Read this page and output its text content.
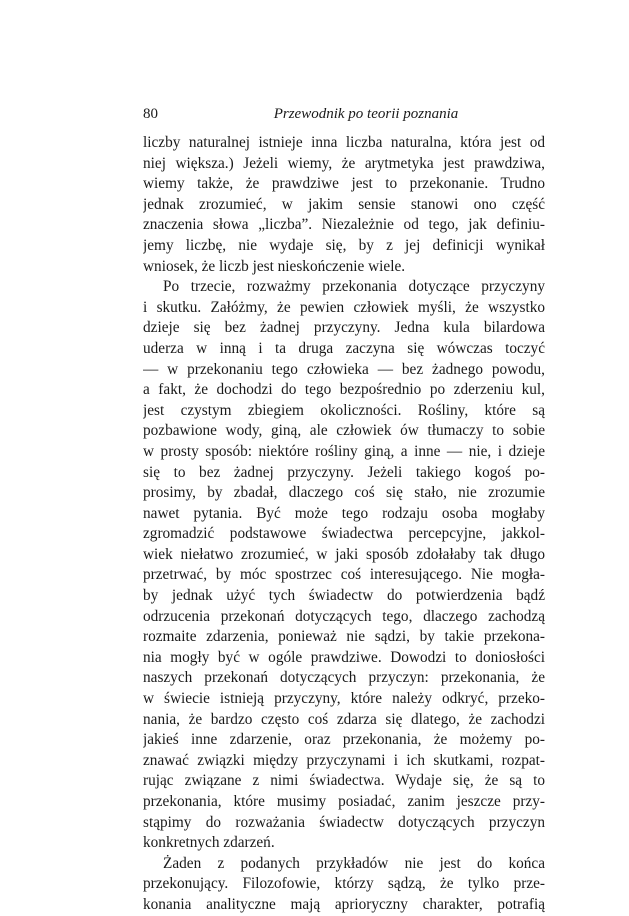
80	Przewodnik po teorii poznania
liczby naturalnej istnieje inna liczba naturalna, która jest od
niej większa.) Jeżeli wiemy, że arytmetyka jest prawdziwa,
wiemy także, że prawdziwe jest to przekonanie. Trudno
jednak zrozumieć, w jakim sensie stanowi ono część
znaczenia słowa „liczba”. Niezależnie od tego, jak definiu-
jemy liczbę, nie wydaje się, by z jej definicji wynikał
wniosek, że liczb jest nieskończenie wiele.
Po trzecie, rozważmy przekonania dotyczące przyczyny
i skutku. Załóżmy, że pewien człowiek myśli, że wszystko
dzieje się bez żadnej przyczyny. Jedna kula bilardowa
uderza w inną i ta druga zaczyna się wówczas toczyć
— w przekonaniu tego człowieka — bez żadnego powodu,
a fakt, że dochodzi do tego bezpośrednio po zderzeniu kul,
jest czystym zbiegiem okoliczności. Rośliny, które są
pozbawione wody, giną, ale człowiek ów tłumaczy to sobie
w prosty sposób: niektóre rośliny giną, a inne — nie, i dzieje
się to bez żadnej przyczyny. Jeżeli takiego kogoś po-
prosimy, by zbadał, dlaczego coś się stało, nie zrozumie
nawet pytania. Być może tego rodzaju osoba mogłaby
zgromadzić podstawowe świadectwa percepcyjne, jakkol-
wiek niełatwo zrozumieć, w jaki sposób zdołałaby tak długo
przetrwać, by móc spostrzec coś interesującego. Nie mogła-
by jednak użyć tych świadectw do potwierdzenia bądź
odrzucenia przekonań dotyczących tego, dlaczego zachodzą
rozmaite zdarzenia, ponieważ nie sądzi, by takie przekona-
nia mogły być w ogóle prawdziwe. Dowodzi to doniosłości
naszych przekonań dotyczących przyczyn: przekonania, że
w świecie istnieją przyczyny, które należy odkryć, przeko-
nania, że bardzo często coś zdarza się dlatego, że zachodzi
jakieś inne zdarzenie, oraz przekonania, że możemy po-
znawać związki między przyczynami i ich skutkami, rozpat-
rując związane z nimi świadectwa. Wydaje się, że są to
przekonania, które musimy posiadać, zanim jeszcze przy-
stąpimy do rozważania świadectw dotyczących przyczyn
konkretnych zdarzeń.
Żaden z podanych przykładów nie jest do końca
przekonujący. Filozofowie, którzy sądzą, że tylko prze-
konania analityczne mają aprioryczny charakter, potrafią
